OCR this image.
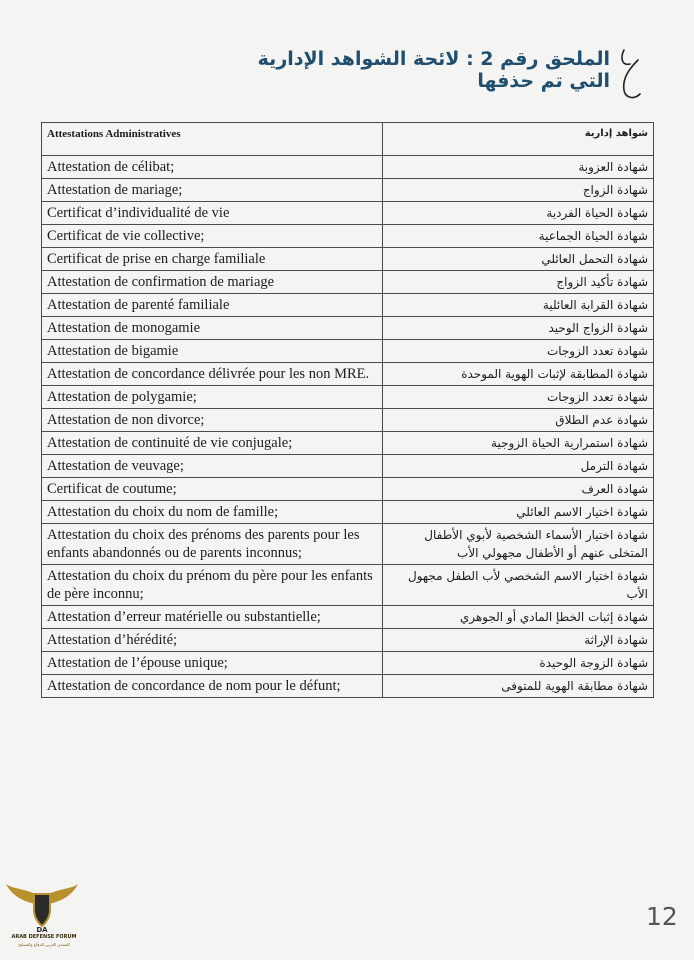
الملحق رقم 2 : لائحة الشواهد الإدارية التي تم حذفها
Attestations Administratives	شواهد إدارية
Attestation de célibat;	شهادة العزوبة
Attestation de mariage;	شهادة الزواج
Certificat d’individualité de vie	شهادة الحياة الفردية
Certificat de vie collective;	شهادة الحياة الجماعية
Certificat de prise en charge familiale	شهادة التحمل العائلي
Attestation de confirmation de mariage	شهادة تأكيد الزواج
Attestation de parenté familiale	شهادة القرابة العائلية
Attestation de monogamie	شهادة الزواج الوحيد
Attestation de bigamie	شهادة تعدد الزوجات
Attestation de concordance délivrée pour les non MRE.	شهادة المطابقة لإثبات الهوية الموحدة
Attestation de polygamie;	شهادة تعدد الزوجات
Attestation de non divorce;	شهادة عدم الطلاق
Attestation de continuité de vie conjugale;	شهادة استمرارية الحياة الزوجية
Attestation de veuvage;	شهادة الترمل
Certificat de coutume;	شهادة العرف
Attestation du choix du nom de famille;	شهادة اختيار الاسم العائلي
Attestation du choix des prénoms des parents pour les enfants abandonnés ou de parents inconnus;	شهادة اختيار الأسماء الشخصية لأبوي الأطفال المتخلى عنهم أو الأطفال مجهولي الأب
Attestation du choix du prénom du père pour les enfants de père inconnu;	شهادة اختيار الاسم الشخصي لأب الطفل مجهول الأب
Attestation d’erreur matérielle ou substantielle;	شهادة إثبات الخطإ المادي أو الجوهري
Attestation d’hérédité;	شهادة الإراثة
Attestation de l’épouse unique;	شهادة الزوجة الوحيدة
Attestation de concordance de nom pour le défunt;	شهادة مطابقة الهوية للمتوفى
12
DA
ARAB DEFENSE FORUM
المنتدى العربي للدفاع والتسليح
